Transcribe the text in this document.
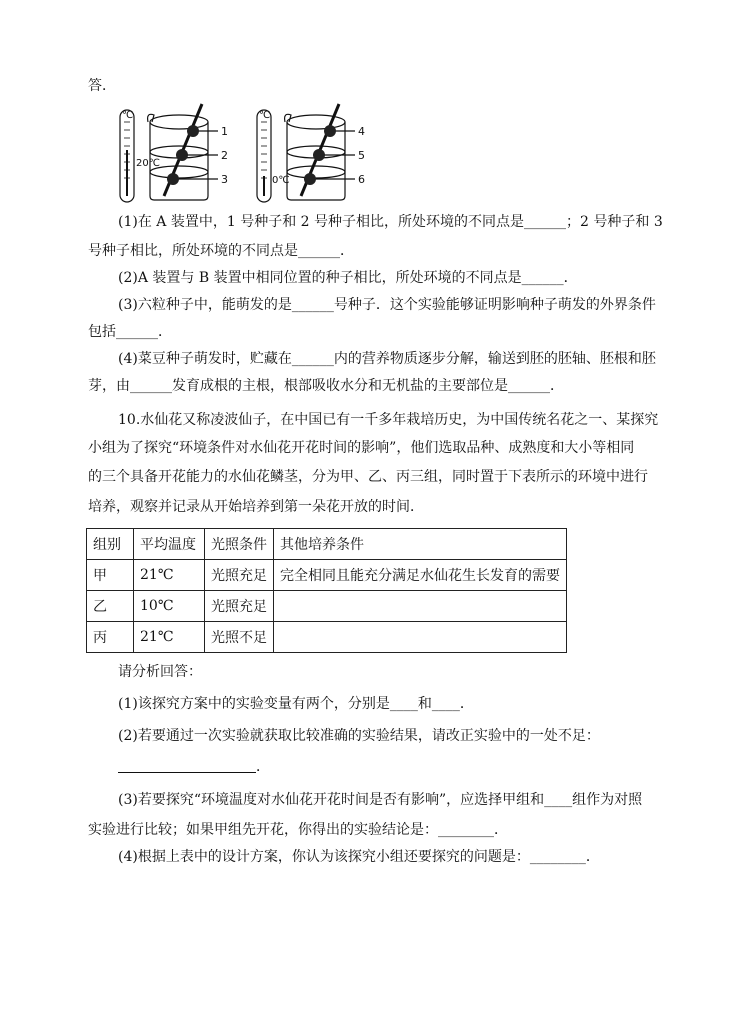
答．
℃	℃
20℃
0℃
1
2
3
4
5
6
(1)在 A 装置中，1 号种子和 2 号种子相比，所处环境的不同点是______；2 号种子和 3
号种子相比，所处环境的不同点是______．
(2)A 装置与 B 装置中相同位置的种子相比，所处环境的不同点是______．
(3)六粒种子中，能萌发的是______号种子．这个实验能够证明影响种子萌发的外界条件
包括______．
(4)菜豆种子萌发时，贮藏在______内的营养物质逐步分解，输送到胚的胚轴、胚根和胚
芽，由______发育成根的主根，根部吸收水分和无机盐的主要部位是______．
10.水仙花又称凌波仙子，在中国已有一千多年栽培历史，为中国传统名花之一、某探究
小组为了探究“环境条件对水仙花开花时间的影响”，他们选取品种、成熟度和大小等相同
的三个具备开花能力的水仙花鳞茎，分为甲、乙、丙三组，同时置于下表所示的环境中进行
培养，观察并记录从开始培养到第一朵花开放的时间．
组别	平均温度	光照条件	其他培养条件
甲	21℃	光照充足	完全相同且能充分满足水仙花生长发育的需要
乙	10℃	光照充足	
丙	21℃	光照不足	
请分析回答：
(1)该探究方案中的实验变量有两个，分别是____和____．
(2)若要通过一次实验就获取比较准确的实验结果，请改正实验中的一处不足：
．
(3)若要探究“环境温度对水仙花开花时间是否有影响”，应选择甲组和____组作为对照
实验进行比较；如果甲组先开花，你得出的实验结论是：________．
(4)根据上表中的设计方案，你认为该探究小组还要探究的问题是：________．
